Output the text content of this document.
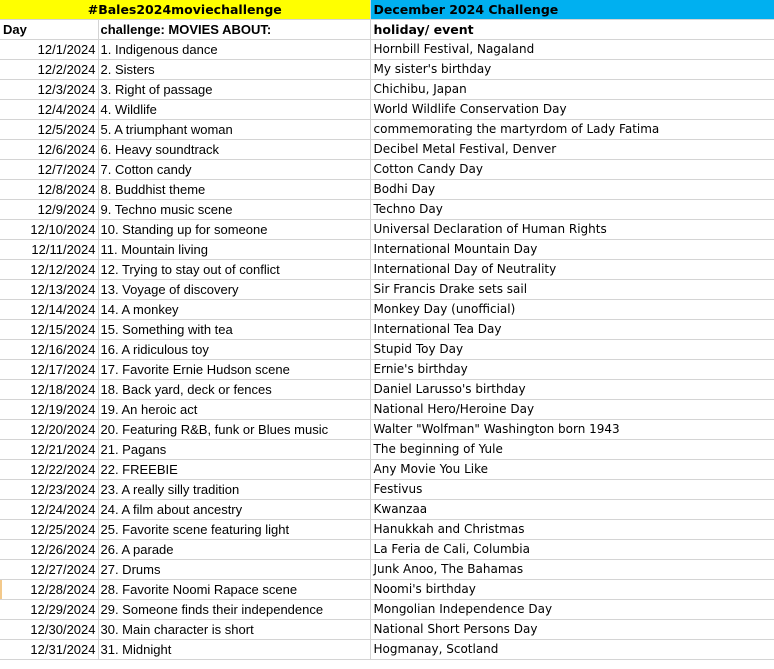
#Bales2024moviechallenge		December 2024 Challenge
Day	challenge: MOVIES ABOUT:	holiday/ event
12/1/2024	1. Indigenous dance	Hornbill Festival, Nagaland
12/2/2024	2. Sisters	My sister's birthday
12/3/2024	3. Right of passage	Chichibu, Japan
12/4/2024	4. Wildlife	World Wildlife Conservation Day
12/5/2024	5. A triumphant woman	commemorating the martyrdom of Lady Fatima
12/6/2024	6. Heavy soundtrack	Decibel Metal Festival, Denver
12/7/2024	7. Cotton candy	Cotton Candy Day
12/8/2024	8. Buddhist theme	Bodhi Day
12/9/2024	9. Techno music scene	Techno Day
12/10/2024	10. Standing up for someone	Universal Declaration of Human Rights
12/11/2024	11. Mountain living	International Mountain Day
12/12/2024	12. Trying to stay out of conflict	International Day of Neutrality
12/13/2024	13. Voyage of discovery	Sir Francis Drake sets sail
12/14/2024	14. A monkey	Monkey Day (unofficial)
12/15/2024	15. Something with tea	International Tea Day
12/16/2024	16. A ridiculous toy	Stupid Toy Day
12/17/2024	17. Favorite Ernie Hudson scene	Ernie's birthday
12/18/2024	18. Back yard, deck or fences	Daniel Larusso's birthday
12/19/2024	19. An heroic act	National Hero/Heroine Day
12/20/2024	20. Featuring R&B, funk or Blues music	Walter "Wolfman" Washington born 1943
12/21/2024	21. Pagans	The beginning of Yule
12/22/2024	22. FREEBIE	Any Movie You Like
12/23/2024	23. A really silly tradition	Festivus
12/24/2024	24. A film about ancestry	Kwanzaa
12/25/2024	25. Favorite scene featuring light	Hanukkah and Christmas
12/26/2024	26. A parade	La Feria de Cali, Columbia
12/27/2024	27. Drums	Junk Anoo, The Bahamas
12/28/2024	28. Favorite Noomi Rapace scene	Noomi's birthday
12/29/2024	29. Someone finds their independence	Mongolian Independence Day
12/30/2024	30. Main character is short	National Short Persons Day
12/31/2024	31. Midnight	Hogmanay, Scotland
